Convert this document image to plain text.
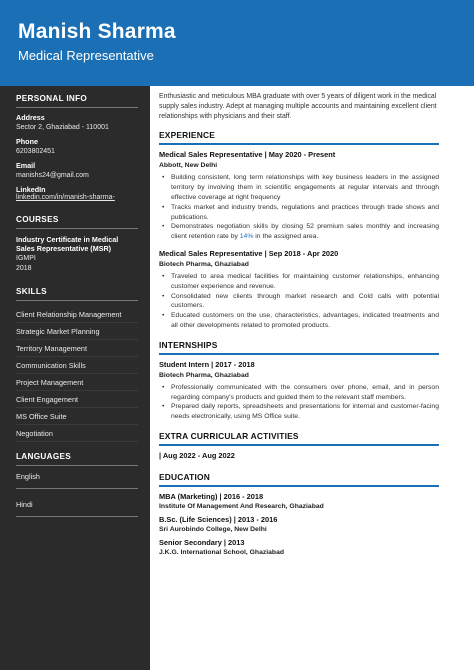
Manish Sharma
Medical Representative
PERSONAL INFO
Address
Sector 2, Ghaziabad - 110001
Phone
6203802451
Email
manishs24@gmail.com
LinkedIn
linkedin.com/in/manish-sharma-
COURSES
Industry Certificate in Medical Sales Representative (MSR)
IGMPI
2018
SKILLS
Client Relationship Management
Strategic Market Planning
Territory Management
Communication Skills
Project Management
Client Engagement
MS Office Suite
Negotiation
LANGUAGES
English
Hindi
Enthusiastic and meticulous MBA graduate with over 5 years of diligent work in the medical supply sales industry. Adept at managing multiple accounts and maintaining excellent client relationships with physicians and their staff.
EXPERIENCE
Medical Sales Representative | May 2020 - Present
Abbott, New Delhi
• Building consistent, long term relationships with key business leaders in the assigned territory by involving them in scientific engagements at regular intervals and through effective coverage at right frequency
• Tracks market and industry trends, regulations and practices through trade shows and publications.
• Demonstrates negotiation skills by closing 52 premium sales monthly and increasing client retention rate by 14% in the assigned area.
Medical Sales Representative | Sep 2018 - Apr 2020
Biotech Pharma, Ghaziabad
• Traveled to area medical facilities for maintaining customer relationships, enhancing customer experience and revenue.
• Consolidated new clients through market research and Cold calls with potential customers.
• Educated customers on the use, characteristics, advantages, indicated treatments and all other developments related to promoted products.
INTERNSHIPS
Student Intern | 2017 - 2018
Biotech Pharma, Ghaziabad
• Professionally communicated with the consumers over phone, email, and in person regarding company's products and guided them to the relevant staff members.
• Prepared daily reports, spreadsheets and presentations for internal and customer-facing needs electronically, using MS Office suite.
EXTRA CURRICULAR ACTIVITIES
| Aug 2022 - Aug 2022
EDUCATION
MBA (Marketing) | 2016 - 2018
Institute Of Management And Research, Ghaziabad
B.Sc. (Life Sciences) | 2013 - 2016
Sri Aurobindo College, New Delhi
Senior Secondary | 2013
J.K.G. International School, Ghaziabad
